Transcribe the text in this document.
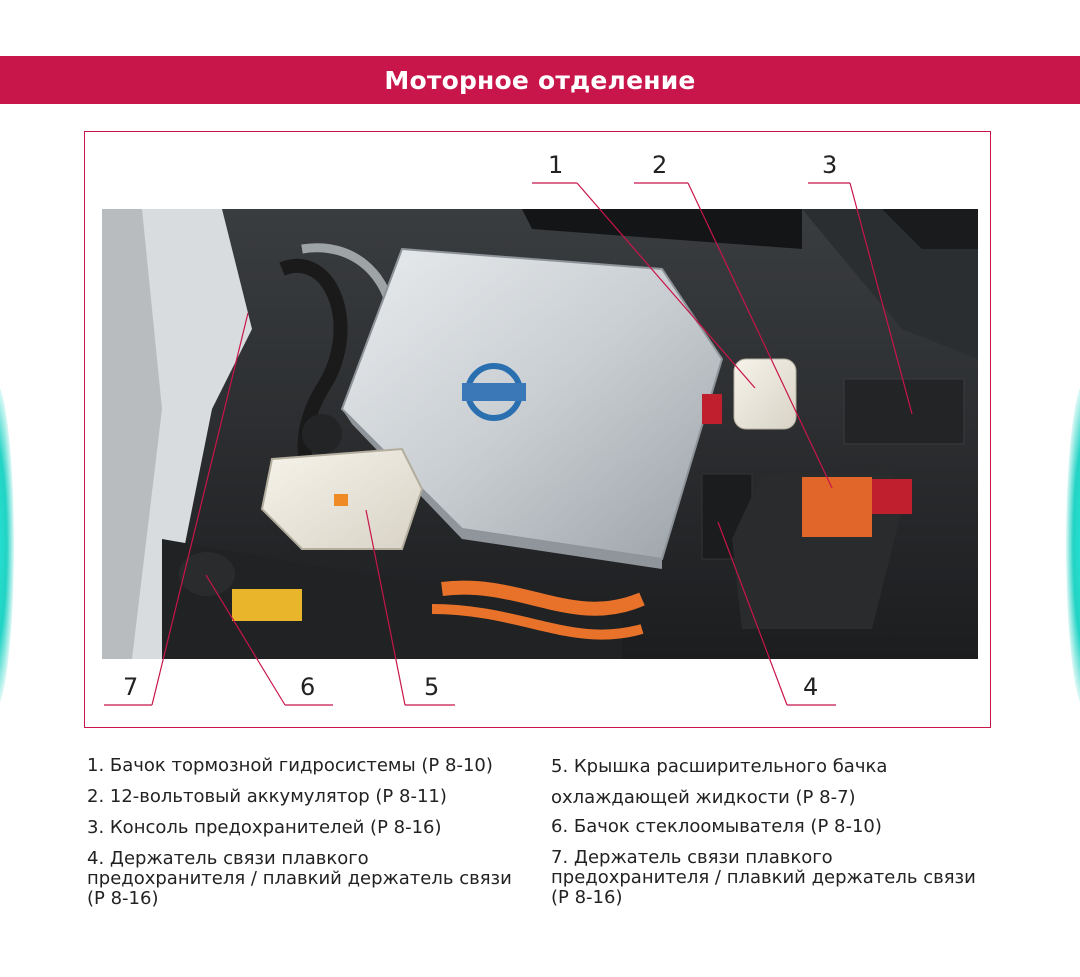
Моторное отделение
1	2	3
4
5
6
7
1. Бачок тормозной гидросистемы (P 8-10)
2. 12-вольтовый аккумулятор (P 8-11)
3. Консоль предохранителей (P 8-16)
4. Держатель связи плавкого предохранителя / плавкий держатель связи (P 8-16)
5. Крышка расширительного бачка охлаждающей жидкости (P 8-7)
6. Бачок стеклоомывателя (P 8-10)
7. Держатель связи плавкого предохранителя / плавкий держатель связи (P 8-16)
